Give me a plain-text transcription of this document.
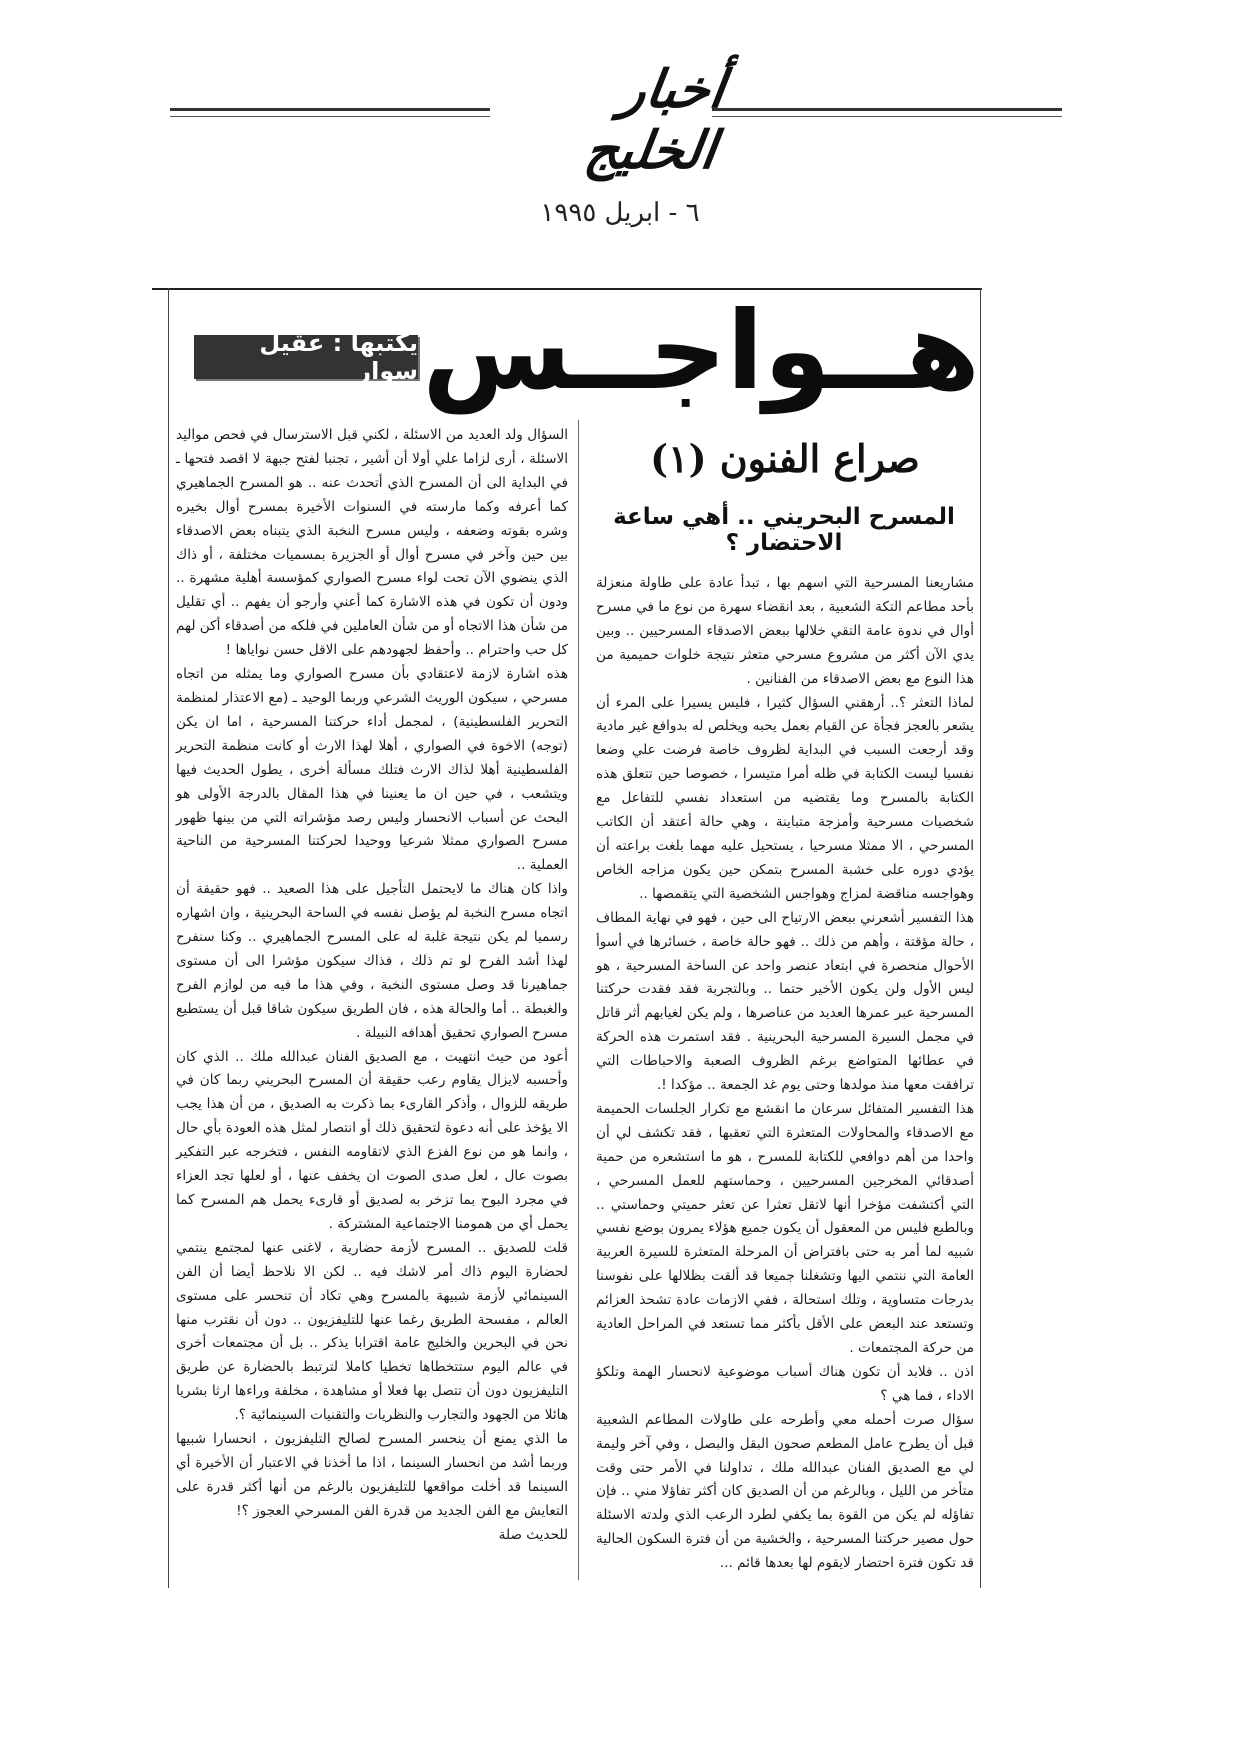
أخبار الخليج
٦ - ابريل ١٩٩٥
هــواجــس
يكتبها : عقيل سوار
صراع الفنون (١)
المسرح البحريني .. أهي ساعة الاحتضار ؟

مشاريعنا المسرحية التي اسهم بها ، تبدأ عادة على طاولة منعزلة بأحد مطاعم التكة الشعبية ، بعد انقضاء سهرة من نوع ما في مسرح أوال في ندوة عامة التقي خلالها ببعض الاصدقاء المسرحيين .. وبين يدي الآن أكثر من مشروع مسرحي متعثر نتيجة خلوات حميمية من هذا النوع مع بعض الاصدقاء من الفنانين .

لماذا التعثر ؟.. أرهقني السؤال كثيرا ، فليس يسيرا على المرء أن يشعر بالعجز فجأة عن القيام بعمل يحبه ويخلص له بدوافع غير مادية وقد أرجعت السبب في البداية لظروف خاصة فرضت علي وضعا نفسيا ليست الكتابة في ظله أمرا متيسرا ، خصوصا حين تتعلق هذه الكتابة بالمسرح وما يقتضيه من استعداد نفسي للتفاعل مع شخصيات مسرحية وأمزجة متباينة ، وهي حالة أعتقد أن الكاتب المسرحي ، الا ممثلا مسرحيا ، يستحيل عليه مهما بلغت براعته أن يؤدي دوره على خشبة المسرح بتمكن حين يكون مزاجه الخاص وهواجسه مناقضة لمزاج وهواجس الشخصية التي يتقمصها ..

هذا التفسير أشعرني ببعض الارتياح الى حين ، فهو في نهاية المطاف ، حالة مؤقتة ، وأهم من ذلك .. فهو حالة خاصة ، خسائرها في أسوأ الأحوال منحصرة في ابتعاد عنصر واحد عن الساحة المسرحية ، هو ليس الأول ولن يكون الأخير حتما .. وبالتجربة فقد فقدت حركتنا المسرحية عبر عمرها العديد من عناصرها ، ولم يكن لغيابهم أثر قاتل في مجمل السيرة المسرحية البحرينية . فقد استمرت هذه الحركة في عطائها المتواضع برغم الظروف الصعبة والاحباطات التي ترافقت معها منذ مولدها وحتى يوم غد الجمعة .. مؤكدا !.

هذا التفسير المتفائل سرعان ما انقشع مع تكرار الجلسات الحميمة مع الاصدقاء والمحاولات المتعثرة التي تعقبها ، فقد تكشف لي أن واحدا من أهم دوافعي للكتابة للمسرح ، هو ما استشعره من حمية أصدقائي المخرجين المسرحيين ، وحماستهم للعمل المسرحي ، التي أكتشفت مؤخرا أنها لاتقل تعثرا عن تعثر حميتي وحماستي .. وبالطبع فليس من المعقول أن يكون جميع هؤلاء يمرون بوضع نفسي شبيه لما أمر به حتى بافتراض أن المرحلة المتعثرة للسيرة العربية العامة التي ننتمي اليها وتشغلنا جميعا قد ألقت بظلالها على نفوسنا بدرجات متساوية ، وتلك استحالة ، ففي الازمات عادة تشحذ العزائم وتستعد عند البعض على الأقل بأكثر مما تستعد في المراحل العادية من حركة المجتمعات .

اذن .. فلابد أن تكون هناك أسباب موضوعية لانحسار الهمة وتلكؤ الاداء ، فما هي ؟

سؤال صرت أحمله معي وأطرحه على طاولات المطاعم الشعبية قبل أن يطرح عامل المطعم صحون البقل والبصل ، وفي آخر وليمة لي مع الصديق الفنان عبدالله ملك ، تداولنا في الأمر حتى وقت متأخر من الليل ، وبالرغم من أن الصديق كان أكثر تفاؤلا مني .. فإن تفاؤله لم يكن من القوة بما يكفي لطرد الرعب الذي ولدته الاسئلة حول مصير حركتنا المسرحية ، والخشية من أن فترة السكون الحالية قد تكون فترة احتضار لايقوم لها بعدها قائم ...

السؤال ولد العديد من الاسئلة ، لكني قبل الاسترسال في فحص مواليد الاسئلة ، أرى لزاما علي أولا أن أشير ، تجنبا لفتح جبهة لا اقصد فتحها ـ في البداية الى أن المسرح الذي أتحدث عنه .. هو المسرح الجماهيري كما أعرفه وكما مارسته في السنوات الأخيرة بمسرح أوال بخيره وشره بقوته وضعفه ، وليس مسرح النخبة الذي يتبناه بعض الاصدقاء بين حين وآخر في مسرح أوال أو الجزيرة بمسميات مختلفة ، أو ذاك الذي ينضوي الآن تحت لواء مسرح الصواري كمؤسسة أهلية مشهرة .. ودون أن تكون في هذه الاشارة كما أعني وأرجو أن يفهم .. أي تقليل من شأن هذا الاتجاه أو من شأن العاملين في فلكه من أصدقاء أكن لهم كل حب واحترام .. وأحفظ لجهودهم على الاقل حسن نواياها !

هذه اشارة لازمة لاعتقادي بأن مسرح الصواري وما يمثله من اتجاه مسرحي ، سيكون الوريث الشرعي وربما الوحيد ـ (مع الاعتذار لمنظمة التحرير الفلسطينية) ، لمجمل أداء حركتنا المسرحية ، اما ان يكن (توجه) الاخوة في الصواري ، أهلا لهذا الارث أو كانت منظمة التحرير الفلسطينية أهلا لذاك الارث فتلك مسألة أخرى ، يطول الحديث فيها ويتشعب ، في حين ان ما يعنينا في هذا المقال بالدرجة الأولى هو البحث عن أسباب الانحسار وليس رصد مؤشراته التي من بينها ظهور مسرح الصواري ممثلا شرعيا ووحيدا لحركتنا المسرحية من الناحية العملية ..

واذا كان هناك ما لايحتمل التأجيل على هذا الصعيد .. فهو حقيقة أن اتجاه مسرح النخبة لم يؤصل نفسه في الساحة البحرينية ، وان اشهاره رسميا لم يكن نتيجة غلبة له على المسرح الجماهيري .. وكنا سنفرح لهذا أشد الفرح لو تم ذلك ، فذاك سيكون مؤشرا الى أن مستوى جماهيرنا قد وصل مستوى النخبة ، وفي هذا ما فيه من لوازم الفرح والغبطة .. أما والحالة هذه ، فان الطريق سيكون شاقا قبل أن يستطيع مسرح الصواري تحقيق أهدافه النبيلة .

أعود من حيث انتهيت ، مع الصديق الفنان عبدالله ملك .. الذي كان وأحسبه لايزال يقاوم رعب حقيقة أن المسرح البحريني ربما كان في طريقه للزوال ، وأذكر القارىء بما ذكرت به الصديق ، من أن هذا يجب الا يؤخذ على أنه دعوة لتحقيق ذلك أو انتصار لمثل هذه العودة بأي حال ، وانما هو من نوع الفزع الذي لاتقاومه النفس ، فتخرجه عبر التفكير بصوت عال ، لعل صدى الصوت ان يخفف عنها ، أو لعلها تجد العزاء في مجرد البوح بما تزخر به لصديق أو قارىء يحمل هم المسرح كما يحمل أي من همومنا الاجتماعية المشتركة .

قلت للصديق .. المسرح لأزمة حضارية ، لاغنى عنها لمجتمع ينتمي لحضارة اليوم ذاك أمر لاشك فيه .. لكن الا نلاحظ أيضا أن الفن السينمائي لأزمة شبيهة بالمسرح وهي تكاد أن تنحسر على مستوى العالم ، مفسحة الطريق رغما عنها للتليفزيون .. دون أن نقترب منها نحن في البحرين والخليج عامة اقترابا يذكر .. بل أن مجتمعات أخرى في عالم اليوم ستتخطاها تخطيا كاملا لترتبط بالحضارة عن طريق التليفزيون دون أن تتصل بها فعلا أو مشاهدة ، مخلفة وراءها ارثا بشريا هائلا من الجهود والتجارب والنظريات والتقنيات السينمائية ؟.

ما الذي يمنع أن ينحسر المسرح لصالح التليفزيون ، انحسارا شبيها وربما أشد من انحسار السينما ، اذا ما أخذنا في الاعتبار أن الأخيرة أي السينما قد أخلت مواقعها للتليفزيون بالرغم من أنها أكثر قدرة على التعايش مع الفن الجديد من قدرة الفن المسرحي العجوز ؟!

للحديث صلة
